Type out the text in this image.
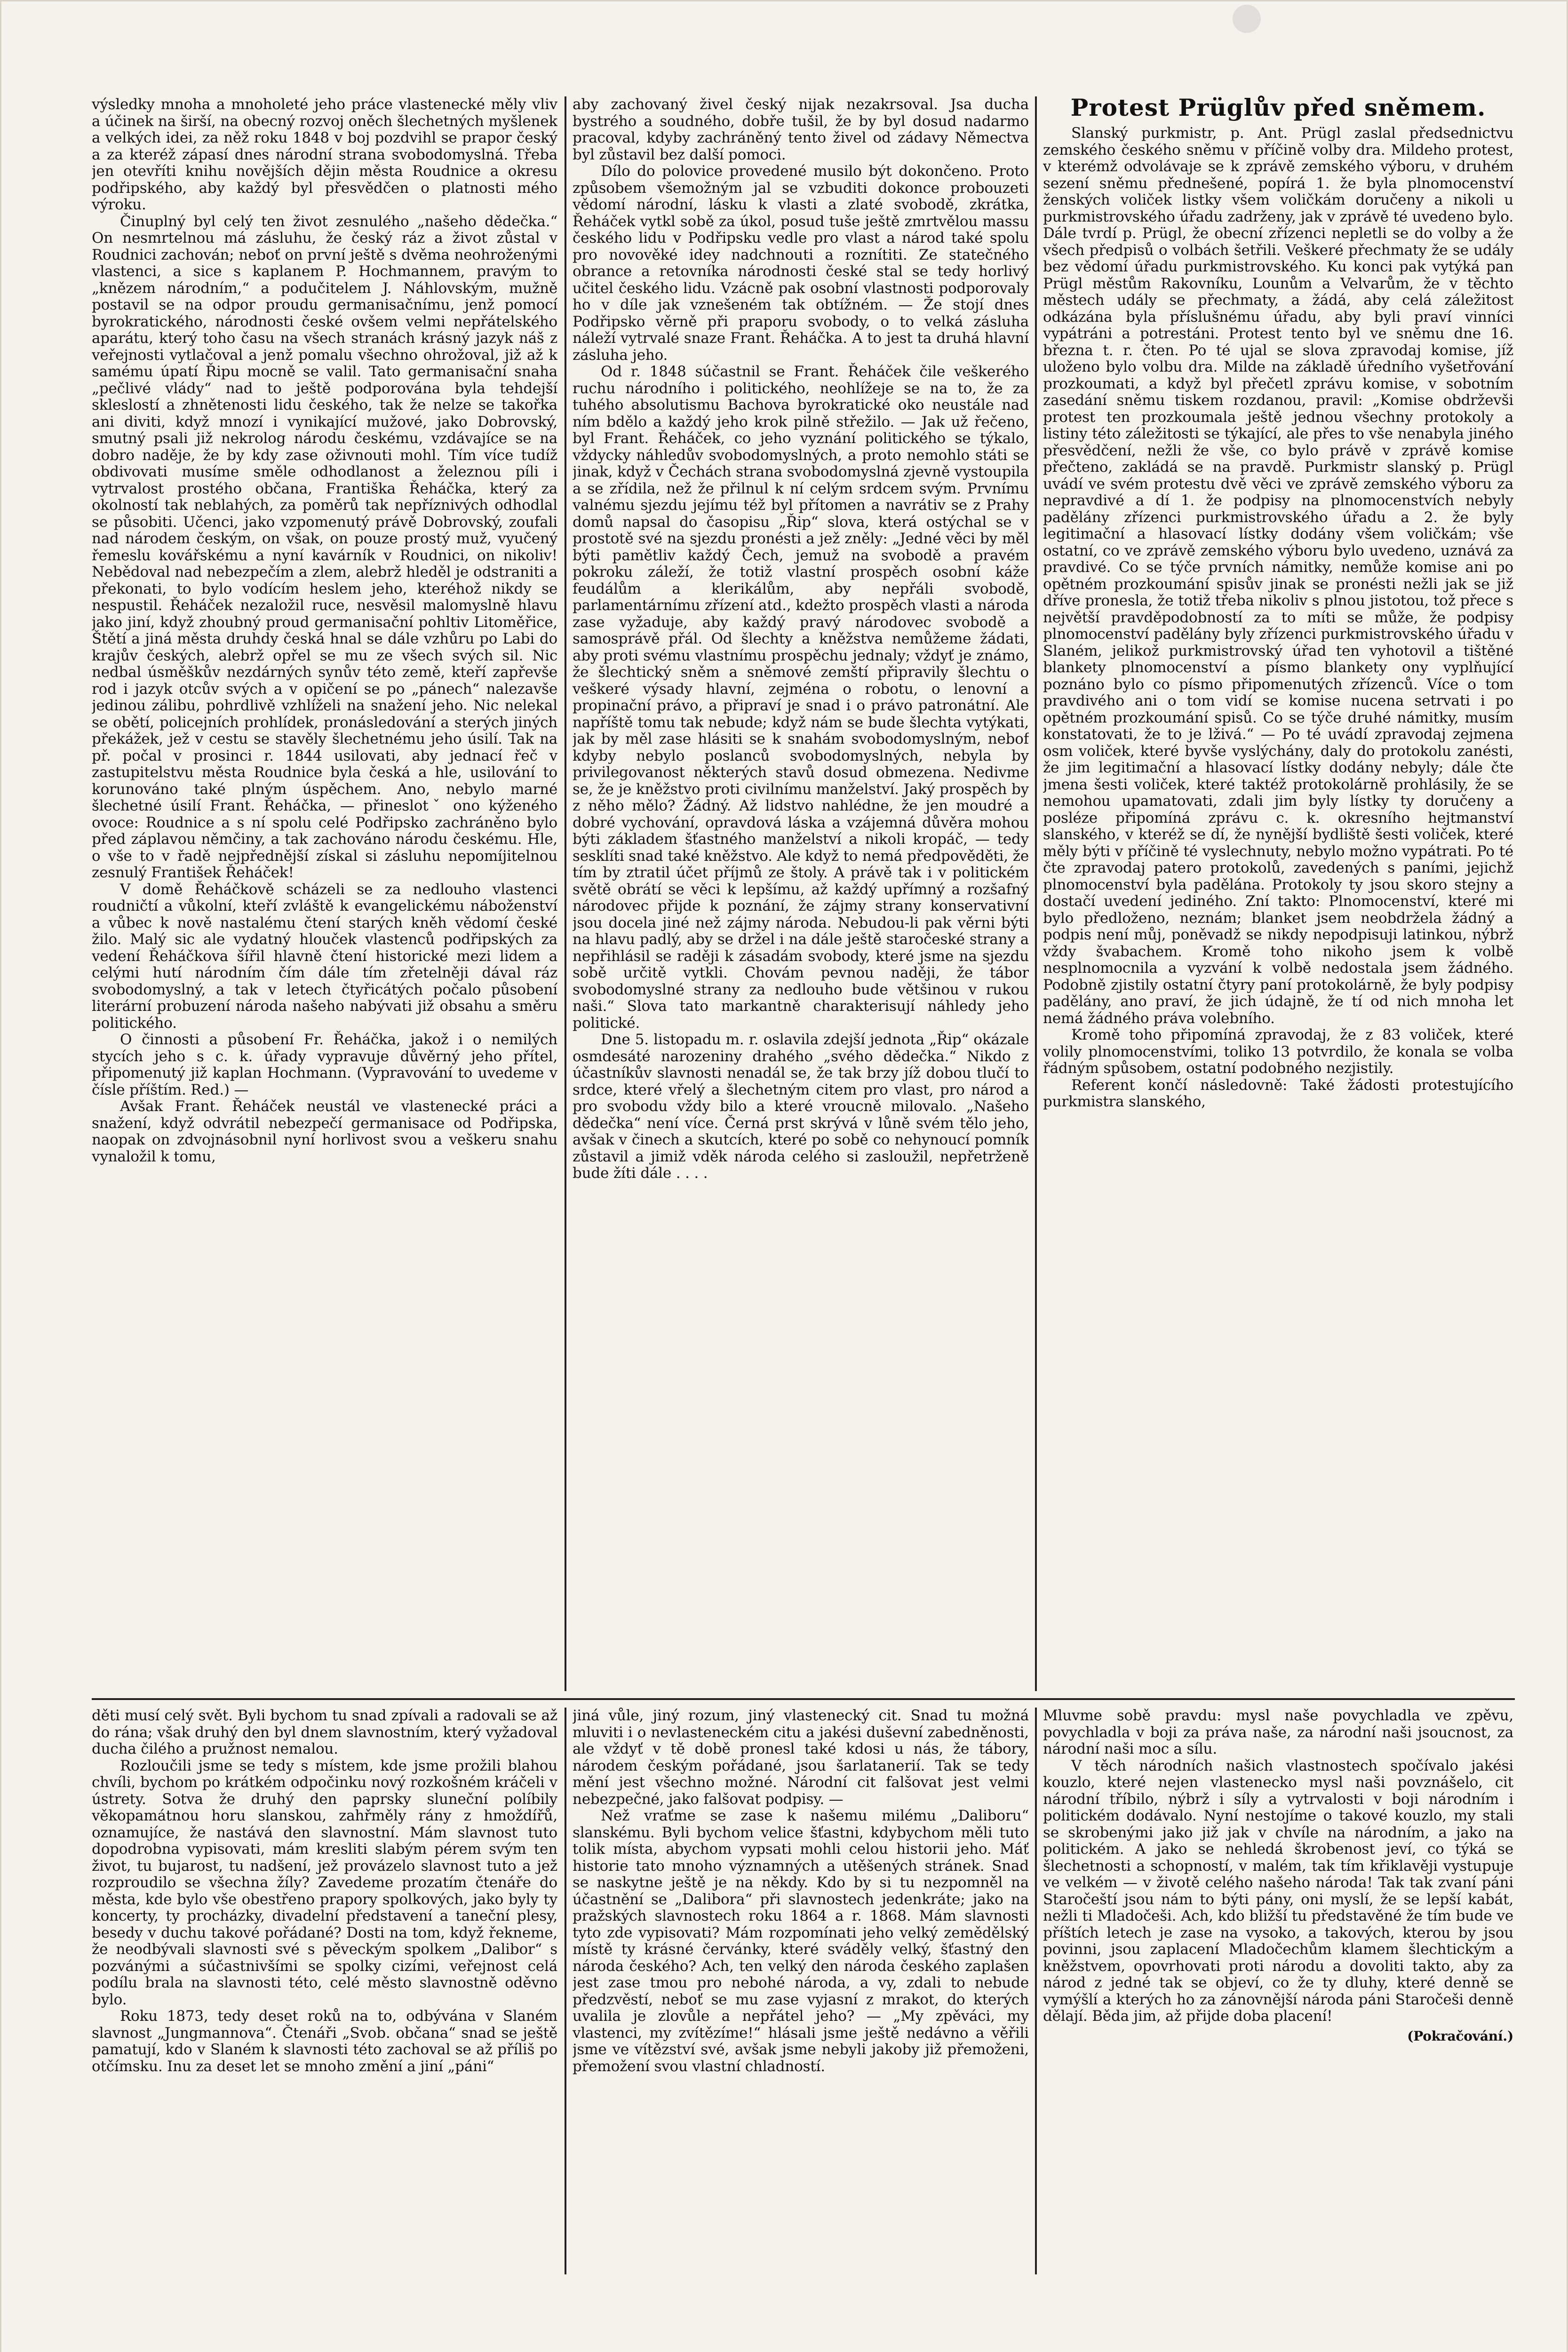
výsledky mnoha a mnoholeté jeho práce vlastenecké měly vliv a účinek na širší, na obecný rozvoj oněch šlechetných myšlenek a velkých idei, za něž roku 1848 v boj pozdvihl se prapor český a za kteréž zápasí dnes národní strana svobodomyslná. Třeba jen otevříti knihu novějších dějin města Roudnice a okresu podřipského, aby každý byl přesvědčen o platnosti mého výroku.

Činuplný byl celý ten život zesnulého „našeho dědečka.“ On nesmrtelnou má zásluhu, že český ráz a život zůstal v Roudnici zachován; neboť on první ještě s dvěma neohroženými vlastenci, a sice s kaplanem P. Hochmannem, pravým to „knězem národním,“ a podučitelem J. Náhlovským, mužně postavil se na odpor proudu germanisačnímu, jenž pomocí byrokratického, národnosti české ovšem velmi nepřátelského aparátu, který toho času na všech stranách krásný jazyk náš z veřejnosti vytlačoval a jenž pomalu všechno ohrožoval, již až k samému úpatí Řipu mocně se valil. Tato germanisační snaha „pečlivé vlády“ nad to ještě podporována byla tehdejší skleslostí a zhnětenosti lidu českého, tak že nelze se takořka ani diviti, když mnozí i vynikající mužové, jako Dobrovský, smutný psali již nekrolog národu českému, vzdávajíce se na dobro naděje, že by kdy zase oživnouti mohl. Tím více tudíž obdivovati musíme směle odhodlanost a železnou píli i vytrvalost prostého občana, Františka Řeháčka, který za okolností tak neblahých, za poměrů tak nepříznivých odhodlal se působiti. Učenci, jako vzpomenutý právě Dobrovský, zoufali nad národem českým, on však, on pouze prostý muž, vyučený řemeslu kovářskému a nyní kavárník v Roudnici, on nikoliv! Nebědoval nad nebezpečím a zlem, alebrž hleděl je odstraniti a překonati, to bylo vodícím heslem jeho, kteréhož nikdy se nespustil. Řeháček nezaložil ruce, nesvěsil malomyslně hlavu jako jiní, když zhoubný proud germanisační pohltiv Litoměřice, Štětí a jiná města druhdy česká hnal se dále vzhůru po Labi do krajův českých, alebrž opřel se mu ze všech svých sil. Nic nedbal úsměškův nezdárných synův této země, kteří zapřevše rod i jazyk otcův svých a v opičení se po „pánech“ nalezavše jedinou zálibu, pohrdlivě vzhlíželi na snažení jeho. Nic nelekal se obětí, policejních prohlídek, pronásledování a sterých jiných překážek, jež v cestu se stavěly šlechetnému jeho úsilí. Tak na př. počal v prosinci r. 1844 usilovati, aby jednací řeč v zastupitelstvu města Roudnice byla česká a hle, usilování to korunováno také plným úspěchem. Ano, nebylo marné šlechetné úsilí Frant. Řeháčka, — přineslotˇ ono kýženého ovoce: Roudnice a s ní spolu celé Podřipsko zachráněno bylo před záplavou němčiny, a tak zachováno národu českému. Hle, o vše to v řadě nejpřednější získal si zásluhu nepomíjitelnou zesnulý František Řeháček!

V domě Řeháčkově scházeli se za nedlouho vlastenci roudničtí a vůkolní, kteří zvláště k evangelickému náboženství a vůbec k nově nastalému čtení starých kněh vědomí české žilo. Malý sic ale vydatný hlouček vlastenců podřipských za vedení Řeháčkova šířil hlavně čtení historické mezi lidem a celými hutí národním čím dále tím zřetelněji dával ráz svobodomyslný, a tak v letech čtyřicátých počalo působení literární probuzení národa našeho nabývati již obsahu a směru politického.

O činnosti a působení Fr. Řeháčka, jakož i o nemilých stycích jeho s c. k. úřady vypravuje důvěrný jeho přítel, připomenutý již kaplan Hochmann. (Vypravování to uvedeme v čísle příštím. Red.) —

Avšak Frant. Řeháček neustál ve vlastenecké práci a snažení, když odvrátil nebezpečí germanisace od Podřipska, naopak on zdvojnásobnil nyní horlivost svou a veškeru snahu vynaložil k tomu,

aby zachovaný živel český nijak nezakrsoval. Jsa ducha bystrého a soudného, dobře tušil, že by byl dosud nadarmo pracoval, kdyby zachráněný tento živel od zádavy Němectva byl zůstavil bez další pomoci.

Dílo do polovice provedené musilo být dokončeno. Proto způsobem všemožným jal se vzbuditi dokonce probouzeti vědomí národní, lásku k vlasti a zlaté svobodě, zkrátka, Řeháček vytkl sobě za úkol, posud tuše ještě zmrtvělou massu českého lidu v Podřipsku vedle pro vlast a národ také spolu pro novověké idey nadchnouti a roznítiti. Ze statečného obrance a retovníka národnosti české stal se tedy horlivý učitel českého lidu. Vzácně pak osobní vlastnosti podporovaly ho v díle jak vznešeném tak obtížném. — Že stojí dnes Podřipsko věrně při praporu svobody, o to velká zásluha náleží vytrvalé snaze Frant. Řeháčka. A to jest ta druhá hlavní zásluha jeho.

Od r. 1848 súčastnil se Frant. Řeháček čile veškerého ruchu národního i politického, neohlížeje se na to, že za tuhého absolutismu Bachova byrokratické oko neustále nad ním bdělo a každý jeho krok pilně střežilo. — Jak už řečeno, byl Frant. Řeháček, co jeho vyznání politického se týkalo, vždycky náhledův svobodomyslných, a proto nemohlo státi se jinak, když v Čechách strana svobodomyslná zjevně vystoupila a se zřídila, než že přilnul k ní celým srdcem svým. Prvnímu valnému sjezdu jejímu též byl přítomen a navrátiv se z Prahy domů napsal do časopisu „Řip“ slova, která ostýchal se v prostotě své na sjezdu pronésti a jež zněly: „Jedné věci by měl býti pamětliv každý Čech, jemuž na svobodě a pravém pokroku záleží, že totiž vlastní prospěch osobní káže feudálům a klerikálům, aby nepřáli svobodě, parlamentárnímu zřízení atd., kdežto prospěch vlasti a národa zase vyžaduje, aby každý pravý národovec svobodě a samosprávě přál. Od šlechty a kněžstva nemůžeme žádati, aby proti svému vlastnímu prospěchu jednaly; vždyť je známo, že šlechtický sněm a sněmové zemští připravily šlechtu o veškeré výsady hlavní, zejména o robotu, o lenovní a propinační právo, a připraví je snad i o právo patronátní. Ale napříště tomu tak nebude; když nám se bude šlechta vytýkati, jak by měl zase hlásiti se k snahám svobodomyslným, nebof kdyby nebylo poslanců svobodomyslných, nebyla by privilegovanost některých stavů dosud obmezena. Nedivme se, že je kněžstvo proti civilnímu manželství. Jaký prospěch by z něho mělo? Žádný. Až lidstvo nahlédne, že jen moudré a dobré vychování, opravdová láska a vzájemná důvěra mohou býti základem šťastného manželství a nikoli kropáč, — tedy sesklíti snad také kněžstvo. Ale když to nemá předpověděti, že tím by ztratil účet příjmů ze štoly. A právě tak i v politickém světě obrátí se věci k lepšímu, až každý upřímný a rozšafný národovec přijde k poznání, že zájmy strany konservativní jsou docela jiné než zájmy národa. Nebudou-li pak věrni býti na hlavu padlý, aby se držel i na dále ještě staročeské strany a nepřihlásil se raději k zásadám svobody, které jsme na sjezdu sobě určitě vytkli. Chovám pevnou naději, že tábor svobodomyslné strany za nedlouho bude většinou v rukou naši.“ Slova tato markantně charakterisují náhledy jeho politické.

Dne 5. listopadu m. r. oslavila zdejší jednota „Řip“ okázale osmdesáté narozeniny drahého „svého dědečka.“ Nikdo z účastníkův slavnosti nenadál se, že tak brzy jíž dobou tlučí to srdce, které vřelý a šlechetným citem pro vlast, pro národ a pro svobodu vždy bilo a které vroucně milovalo. „Našeho dědečka“ není více. Černá prst skrývá v lůně svém tělo jeho, avšak v činech a skutcích, které po sobě co nehynoucí pomník zůstavil a jimiž vděk národa celého si zasloužil, nepřetrženě bude žíti dále . . . .

Protest Prüglův před sněmem.

Slanský purkmistr, p. Ant. Prügl zaslal předsednictvu zemského českého sněmu v příčině volby dra. Mildeho protest, v kterémž odvolávaje se k zprávě zemského výboru, v druhém sezení sněmu přednešené, popírá 1. že byla plnomocenství ženských voliček listky všem voličkám doručeny a nikoli u purkmistrovského úřadu zadrženy, jak v zprávě té uvedeno bylo. Dále tvrdí p. Prügl, že obecní zřízenci nepletli se do volby a že všech předpisů o volbách šetřili. Veškeré přechmaty že se udály bez vědomí úřadu purkmistrovského. Ku konci pak vytýká pan Prügl městům Rakovníku, Lounům a Velvarům, že v těchto městech udály se přechmaty, a žádá, aby celá záležitost odkázána byla příslušnému úřadu, aby byli praví vinníci vypátráni a potrestáni. Protest tento byl ve sněmu dne 16. března t. r. čten. Po té ujal se slova zpravodaj komise, jíž uloženo bylo volbu dra. Milde na základě úředního vyšetřování prozkoumati, a když byl přečetl zprávu komise, v sobotním zasedání sněmu tiskem rozdanou, pravil: „Komise obdrževši protest ten prozkoumala ještě jednou všechny protokoly a listiny této záležitosti se týkající, ale přes to vše nenabyla jiného přesvědčení, nežli že vše, co bylo právě v zprávě komise přečteno, zakládá se na pravdě. Purkmistr slanský p. Prügl uvádí ve svém protestu dvě věci ve zprávě zemského výboru za nepravdivé a dí 1. že podpisy na plnomocenstvích nebyly padělány zřízenci purkmistrovského úřadu a 2. že byly legitimační a hlasovací lístky dodány všem voličkám; vše ostatní, co ve zprávě zemského výboru bylo uvedeno, uznává za pravdivé. Co se týče prvních námitky, nemůže komise ani po opětném prozkoumání spisův jinak se pronésti nežli jak se již dříve pronesla, že totiž třeba nikoliv s plnou jistotou, tož přece s největší pravděpodobností za to míti se může, že podpisy plnomocenství padělány byly zřízenci purkmistrovského úřadu v Slaném, jelikož purkmistrovský úřad ten vyhotovil a tištěné blankety plnomocenství a písmo blankety ony vyplňující poznáno bylo co písmo připomenutých zřízenců. Více o tom pravdivého ani o tom vidí se komise nucena setrvati i po opětném prozkoumání spisů. Co se týče druhé námitky, musím konstatovati, že to je lživá.“ — Po té uvádí zpravodaj zejmena osm voliček, které byvše vyslýchány, daly do protokolu zanésti, že jim legitimační a hlasovací lístky dodány nebyly; dále čte jmena šesti voliček, které taktéž protokolárně prohlásily, že se nemohou upamatovati, zdali jim byly lístky ty doručeny a posléze připomíná zprávu c. k. okresního hejtmanství slanského, v kteréž se dí, že nynější bydliště šesti voliček, které měly býti v příčině té vyslechnuty, nebylo možno vypátrati. Po té čte zpravodaj patero protokolů, zavedených s paními, jejichž plnomocenství byla padělána. Protokoly ty jsou skoro stejny a dostačí uvedení jediného. Zní takto: Plnomocenství, které mi bylo předloženo, neznám; blanket jsem neobdržela žádný a podpis není můj, poněvadž se nikdy nepodpisuji latinkou, nýbrž vždy švabachem. Kromě toho nikoho jsem k volbě nesplnomocnila a vyzvání k volbě nedostala jsem žádného. Podobně zjistily ostatní čtyry paní protokolárně, že byly podpisy padělány, ano praví, že jich údajně, že tí od nich mnoha let nemá žádného práva volebního.

Kromě toho připomíná zpravodaj, že z 83 voliček, které volily plnomocenstvími, toliko 13 potvrdilo, že konala se volba řádným spůsobem, ostatní podobného nezjistily.

Referent končí následovně: Také žádosti protestujícího purkmistra slanského,

děti musí celý svět. Byli bychom tu snad zpívali a radovali se až do rána; však druhý den byl dnem slavnostním, který vyžadoval ducha čilého a pružnost nemalou.

Rozloučili jsme se tedy s místem, kde jsme prožili blahou chvíli, bychom po krátkém odpočinku nový rozkošném kráčeli v ústrety. Sotva že druhý den paprsky sluneční políbily věkopamátnou horu slanskou, zahřměly rány z hmoždířů, oznamujíce, že nastává den slavnostní. Mám slavnost tuto dopodrobna vypisovati, mám kresliti slabým pérem svým ten život, tu bujarost, tu nadšení, jež provázelo slavnost tuto a jež rozproudilo se všechna žíly? Zavedeme prozatím čtenáře do města, kde bylo vše obestřeno prapory spolkových, jako byly ty koncerty, ty procházky, divadelní představení a taneční plesy, besedy v duchu takové pořádané? Dosti na tom, když řekneme, že neodbývali slavnosti své s pěveckým spolkem „Dalibor“ s pozvánými a súčastnivšími se spolky cizími, veřejnost celá podílu brala na slavnosti této, celé město slavnostně oděvno bylo.

Roku 1873, tedy deset roků na to, odbývána v Slaném slavnost „Jungmannova“. Čtenáři „Svob. občana“ snad se ještě pamatují, kdo v Slaném k slavnosti této zachoval se až příliš po otčímsku. Inu za deset let se mnoho změní a jiní „páni“

jiná vůle, jiný rozum, jiný vlastenecký cit. Snad tu možná mluviti i o nevlasteneckém citu a jakési duševní zabedněnosti, ale vždyť v tě době pronesl také kdosi u nás, že tábory, národem českým pořádané, jsou šarlatanerií. Tak se tedy mění jest všechno možné. Národní cit falšovat jest velmi nebezpečné, jako falšovat podpisy. —

Než vraťme se zase k našemu milému „Daliboru“ slanskému. Byli bychom velice šťastni, kdybychom měli tuto tolik místa, abychom vypsati mohli celou historii jeho. Máť historie tato mnoho významných a utěšených stránek. Snad se naskytne ještě je na někdy. Kdo by si tu nezpomněl na účastnění se „Dalibora“ při slavnostech jedenkráte; jako na pražských slavnostech roku 1864 a r. 1868. Mám slavnosti tyto zde vypisovati? Mám rozpomínati jeho velký zemědělský místě ty krásné červánky, které sváděly velký, šťastný den národa českého? Ach, ten velký den národa českého zaplašen jest zase tmou pro nebohé národa, a vy, zdali to nebude předzvěstí, neboť se mu zase vyjasní z mrakot, do kterých uvalila je zlovůle a nepřátel jeho? — „My zpěváci, my vlastenci, my zvítězíme!“ hlásali jsme ještě nedávno a věřili jsme ve vítězství své, avšak jsme nebyli jakoby již přemoženi, přemožení svou vlastní chladností.

Mluvme sobě pravdu: mysl naše povychladla ve zpěvu, povychladla v boji za práva naše, za národní naši jsoucnost, za národní naši moc a sílu.

V těch národních našich vlastnostech spočívalo jakési kouzlo, které nejen vlastenecko mysl naši povznášelo, cit národní tříbilo, nýbrž i síly a vytrvalosti v boji národním i politickém dodávalo. Nyní nestojíme o takové kouzlo, my stali se skrobenými jako již jak v chvíle na národním, a jako na politickém. A jako se nehledá škrobenost jeví, co týká se šlechetnosti a schopností, v malém, tak tím křiklavěji vystupuje ve velkém — v životě celého našeho národa! Tak tak zvaní páni Staročeští jsou nám to býti pány, oni myslí, že se lepší kabát, nežli ti Mladočeši. Ach, kdo bližší tu představěné že tím bude ve příštích letech je zase na vysoko, a takových, kterou by jsou povinni, jsou zaplacení Mladočechům klamem šlechtickým a kněžstvem, opovrhovati proti národu a dovoliti takto, aby za národ z jedné tak se objeví, co že ty dluhy, které denně se vymýšlí a kterých ho za zánovnější národa páni Staročeši denně dělají. Běda jim, až přijde doba placení!

(Pokračování.)
